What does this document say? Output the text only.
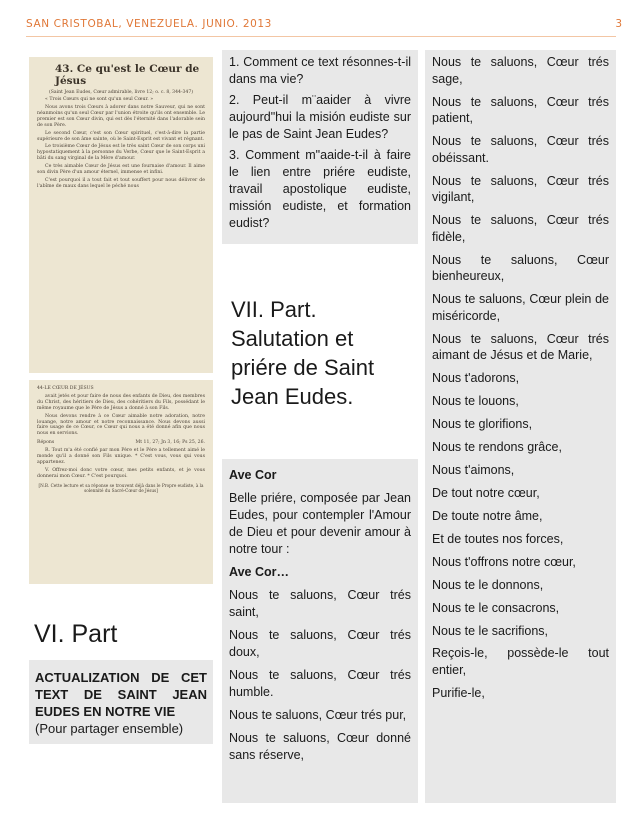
SAN CRISTOBAL, VENEZUELA. JUNIO. 2013	3
43. Ce qu'est le Cœur de Jésus
(Saint Jean Eudes, Cœur admirable, livre 12; o. c. 8, 344-347)

« Trois Cœurs qui ne sont qu'un seul Cœur. »

Nous avons trois Cœurs à adorer dans notre Sauveur, qui ne sont néanmoins qu'un seul Cœur par l'union étroite qu'ils ont ensemble. Le premier est son Cœur divin, qui est dès l'éternité dans l'adorable sein de son Père.

Le second Cœur, c'est son Cœur spirituel, c'est-à-dire la partie supérieure de son âme sainte, où le Saint-Esprit est vivant et régnant.

Le troisième Cœur de Jésus est le très saint Cœur de son corps uni hypostatiquement à la personne du Verbe, Cœur que le Saint-Esprit a bâti du sang virginal de la Mère d'amour.

Ce très aimable Cœur de Jésus est une fournaise d'amour. Il aime son divin Père d'un amour éternel, immense et infini.

C'est pourquoi il a tout fait et tout souffert pour nous délivrer de l'abîme de maux dans lequel le péché nous

44-LE CŒUR DE JÉSUS

avait jetés et pour faire de nous des enfants de Dieu, des membres du Christ, des héritiers de Dieu, des cohéritiers du Fils, possédant le même royaume que le Père de Jésus a donné à son Fils.

Nous devons rendre à ce Cœur aimable notre adoration, notre louange, notre amour et notre reconnaissance. Nous devons aussi faire usage de ce Cœur, ce Cœur qui nous a été donné afin que nous nous en servions.

Répons	Mt 11, 27; Jn 3, 16; Ps 25, 26.

R. Tout m'a été confié par mon Père et le Père a tellement aimé le monde qu'il a donné son Fils unique. * C'est vous, vous qui vous appartenez.

V. Offrez-moi donc votre cœur, mes petits enfants, et je vous donnerai mon Cœur. * C'est pourquoi.

[N.B. Cette lecture et sa réponse se trouvent déjà dans le Propre eudiste, à la solennité du Sacré-Cœur de Jésus]
VI. Part
ACTUALIZATION DE CET TEXT DE SAINT JEAN EUDES EN NOTRE VIE
(Pour partager ensemble)
1. Comment ce text résonnes-t-il dans ma vie?
2. Peut-il m¨aaider à vivre aujourd"hui la misión eudiste sur le pas de Saint Jean Eudes?
3. Comment m"aaide-t-il à faire le lien entre priére eudiste, travail apostolique eudiste, missión eudiste, et formation eudist?
VII. Part. Salutation et priére de Saint Jean Eudes.
Ave Cor
Belle priére, composée par Jean Eudes, pour contempler l'Amour de Dieu et pour devenir amour à notre tour :
Ave Cor…
Nous te saluons, Cœur trés saint,
Nous te saluons, Cœur trés doux,
Nous te saluons, Cœur trés humble.
Nous te saluons, Cœur trés pur,
Nous te saluons, Cœur donné sans réserve,
Nous te saluons, Cœur trés sage,
Nous te saluons, Cœur trés patient,
Nous te saluons, Cœur trés obéissant.
Nous te saluons, Cœur trés vigilant,
Nous te saluons, Cœur trés fidèle,
Nous te saluons, Cœur bienheureux,
Nous te saluons, Cœur plein de miséricorde,
Nous te saluons, Cœur trés aimant de Jésus et de Marie,
Nous t'adorons,
Nous te louons,
Nous te glorifions,
Nous te rendons grâce,
Nous t'aimons,
De tout notre cœur,
De toute notre âme,
Et de toutes nos forces,
Nous t'offrons notre cœur,
Nous te le donnons,
Nous te le consacrons,
Nous te le sacrifions,
Reçois-le, possède-le tout entier,
Purifie-le,
